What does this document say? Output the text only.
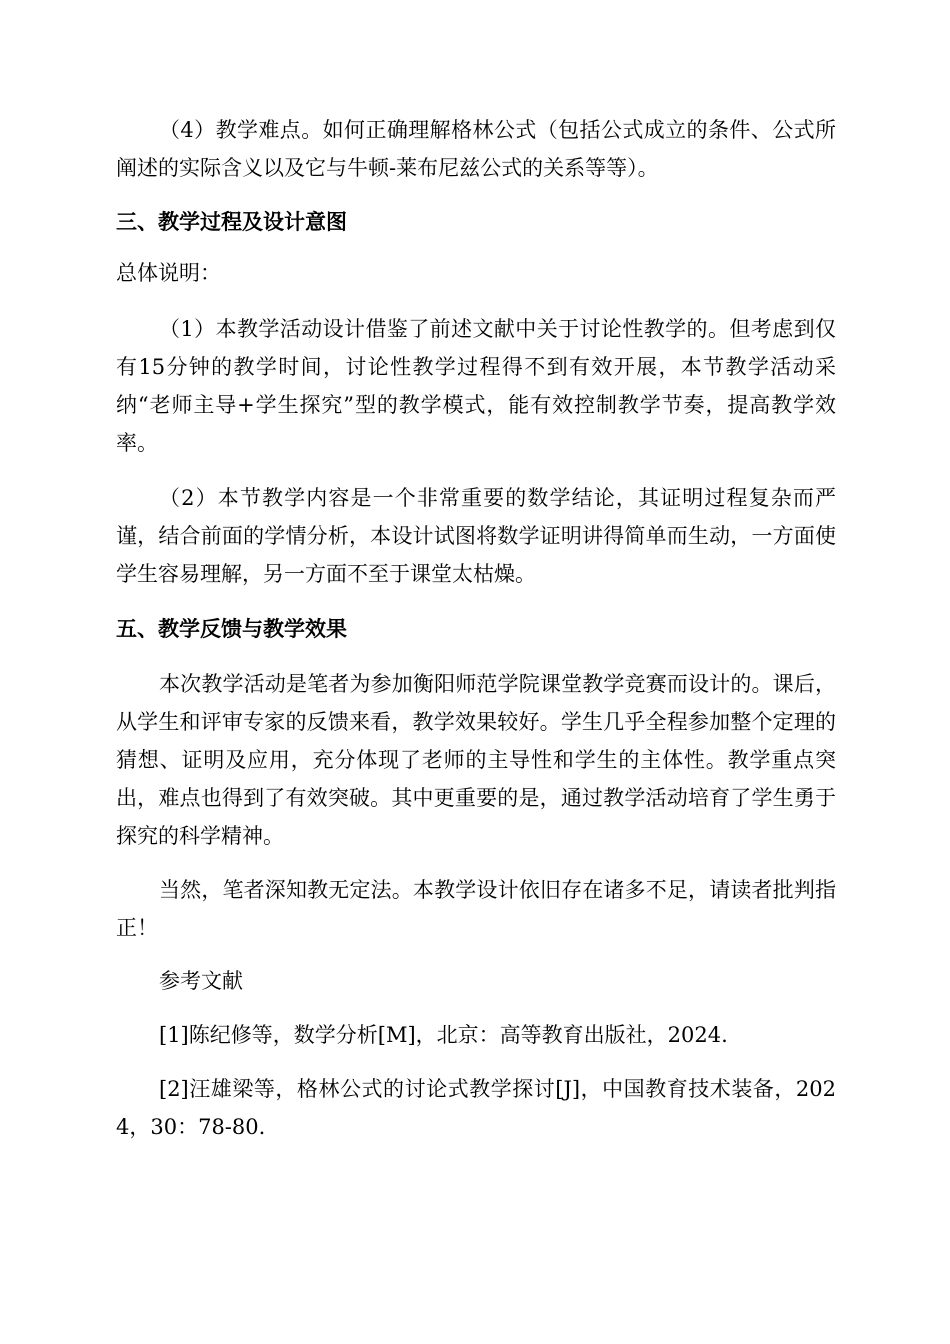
（4）教学难点。如何正确理解格林公式（包括公式成立的条件、公式所阐述的实际含义以及它与牛顿-莱布尼兹公式的关系等等）。

三、教学过程及设计意图

总体说明：

（1）本教学活动设计借鉴了前述文献中关于讨论性教学的。但考虑到仅有15分钟的教学时间，讨论性教学过程得不到有效开展，本节教学活动采纳“老师主导+学生探究”型的教学模式，能有效控制教学节奏，提高教学效率。

（2）本节教学内容是一个非常重要的数学结论，其证明过程复杂而严谨，结合前面的学情分析，本设计试图将数学证明讲得简单而生动，一方面使学生容易理解，另一方面不至于课堂太枯燥。

五、教学反馈与教学效果

本次教学活动是笔者为参加衡阳师范学院课堂教学竞赛而设计的。课后，从学生和评审专家的反馈来看，教学效果较好。学生几乎全程参加整个定理的猜想、证明及应用，充分体现了老师的主导性和学生的主体性。教学重点突出，难点也得到了有效突破。其中更重要的是，通过教学活动培育了学生勇于探究的科学精神。

当然，笔者深知教无定法。本教学设计依旧存在诸多不足，请读者批判指正！

参考文献

[1]陈纪修等，数学分析[M]，北京：高等教育出版社，2024.

[2]汪雄梁等，格林公式的讨论式教学探讨[J]，中国教育技术装备，2024，30：78-80.
